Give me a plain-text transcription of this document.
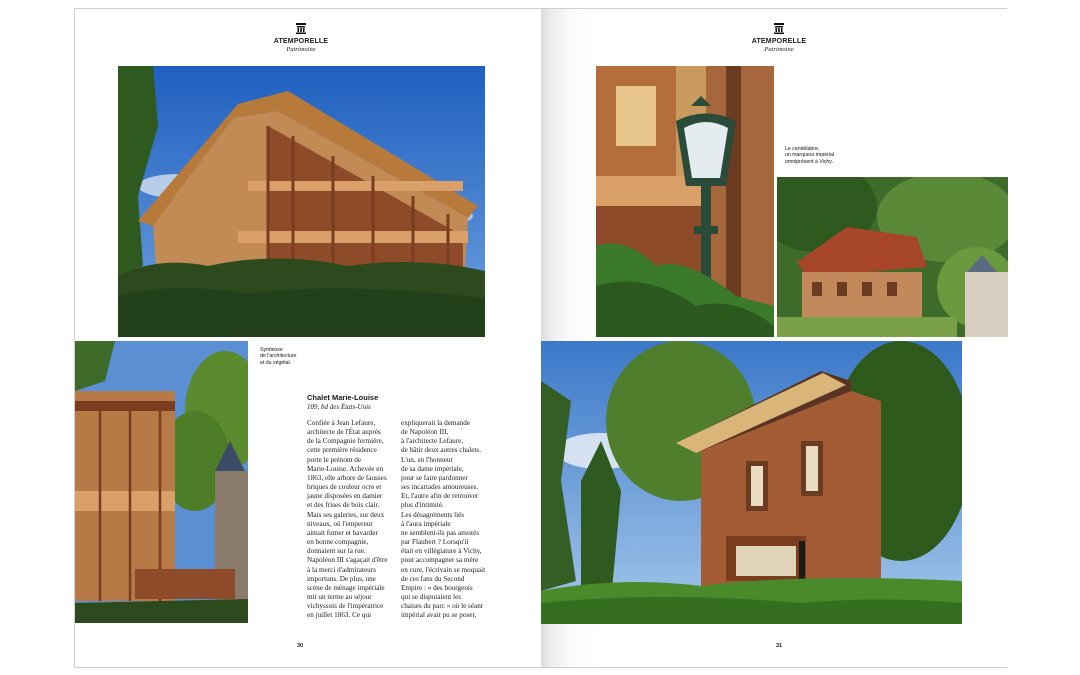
ATEMPORELLE
Patrimoine
Symbiose
de l'architecture
et du végétal.
Chalet Marie-Louise
109, bd des États-Unis
Confiée à Jean Lefaure,
architecte de l'État auprès
de la Compagnie fermière,
cette première résidence
porte le prénom de
Marie-Louise. Achevée en
1863, elle arbore de fausses
briques de couleur ocre et
jaune disposées en damier
et des frises de bois clair.
Mais ses galeries, sur deux
niveaux, où l'empereur
aimait fumer et bavarder
en bonne compagnie,
donnaient sur la rue.
Napoléon III s'agaçait d'être
à la merci d'admirateurs
importuns. De plus, une
scène de ménage impériale
mit un terme au séjour
vichyssois de l'impératrice
en juillet 1863. Ce qui
expliquerait la demande
de Napoléon III,
à l'architecte Lefaure,
de bâtir deux autres chalets.
L'un, en l'honneur
de sa dame impériale,
pour se faire pardonner
ses incartades amoureuses.
Et, l'autre afin de retrouver
plus d'intimité.
Les désagréments liés
à l'aura impériale
ne semblent-ils pas attestés
par Flaubert ? Lorsqu'il
était en villégiature à Vichy,
pour accompagner sa mère
en cure, l'écrivain se moquait
de ces fans du Second
Empire : « des bourgeois
qui se disputaient les
chaises du parc » où le séant
impérial avait pu se poser.
30
ATEMPORELLE
Patrimoine
Le candélabre,
un marqueur impérial
omniprésent à Vichy.
31
